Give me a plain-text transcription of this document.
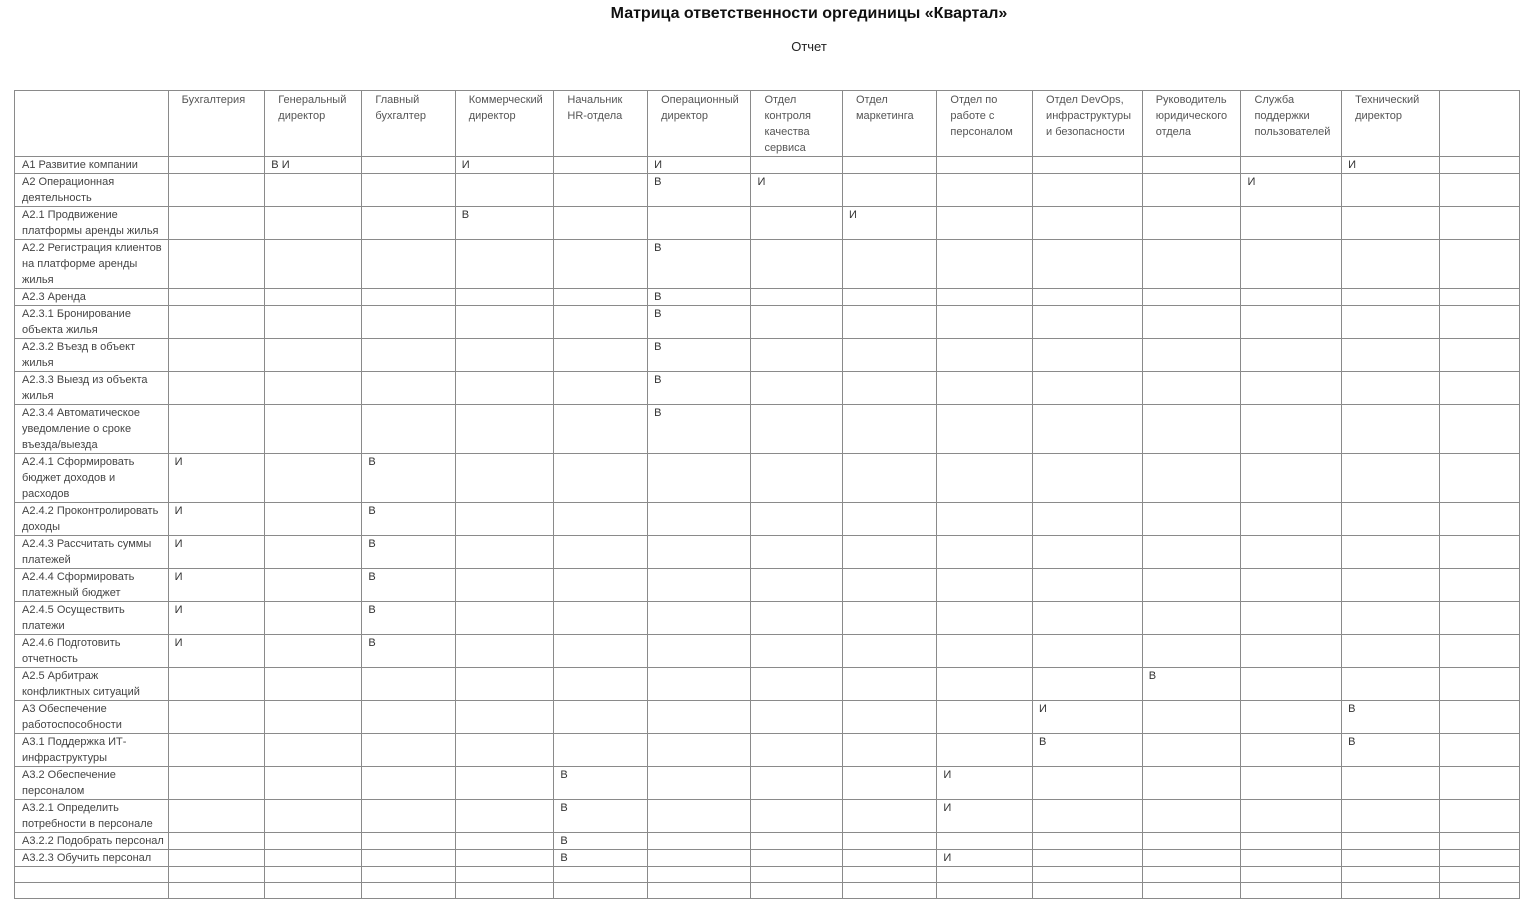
Матрица ответственности оргединицы «Квартал»
Отчет
	Бухгалтерия	Генеральный директор	Главный бухгалтер	Коммерческий директор	Начальник HR-отдела	Операционный директор	Отдел контроля качества сервиса	Отдел маркетинга	Отдел по работе с персоналом	Отдел DevOps, инфраструктуры и безопасности	Руководитель юридического отдела	Служба поддержки пользователей	Технический директор	
А1 Развитие компании		В И		И		И							И	
А2 Операционная деятельность						В	И					И		
А2.1 Продвижение платформы аренды жилья				В				И						
А2.2 Регистрация клиентов на платформе аренды жилья						В								
А2.3 Аренда						В								
А2.3.1 Бронирование объекта жилья						В								
А2.3.2 Въезд в объект жилья						В								
А2.3.3 Выезд из объекта жилья						В								
А2.3.4 Автоматическое уведомление о сроке въезда/выезда						В								
А2.4.1 Сформировать бюджет доходов и расходов	И		В											
А2.4.2 Проконтролировать доходы	И		В											
А2.4.3 Рассчитать суммы платежей	И		В											
А2.4.4 Сформировать платежный бюджет	И		В											
А2.4.5 Осуществить платежи	И		В											
А2.4.6 Подготовить отчетность	И		В											
А2.5 Арбитраж конфликтных ситуаций											В			
А3 Обеспечение работоспособности										И			В	
А3.1 Поддержка ИТ-инфраструктуры										В			В	
А3.2 Обеспечение персоналом					В				И					
А3.2.1 Определить потребности в персонале					В				И					
А3.2.2 Подобрать персонал					В									
А3.2.3 Обучить персонал					В				И					
